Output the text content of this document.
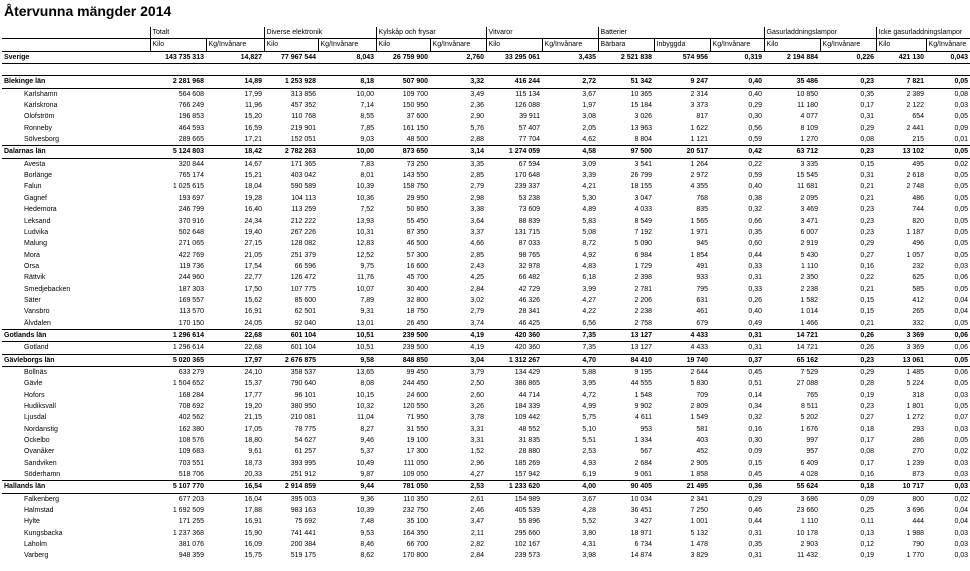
Återvunna mängder 2014
	Totalt		Diverse elektronik		Kylskåp och frysar		Vitvaror		Batterier			Gasurladdningslampor		Icke gasurladdningslampor	
	Kilo	Kg/Invånare	Kilo	Kg/Invånare	Kilo	Kg/Invånare	Kilo	Kg/Invånare	Bärbara	Inbyggda	Kg/Invånare	Kilo	Kg/Invånare	Kilo	Kg/Invånare
Sverige	143 735 313	14,827	77 967 544	8,043	26 759 900	2,760	33 295 061	3,435	2 521 838	574 956	0,319	2 194 884	0,226	421 130	0,043

Blekinge län	2 281 968	14,89	1 253 928	8,18	507 900	3,32	416 244	2,72	51 342	9 247	0,40	35 486	0,23	7 821	0,05
Karlshamn	564 608	17,99	313 856	10,00	109 700	3,49	115 134	3,67	10 365	2 314	0,40	10 850	0,35	2 389	0,08
Karlskrona	766 249	11,96	457 352	7,14	150 950	2,36	126 088	1,97	15 184	3 373	0,29	11 180	0,17	2 122	0,03
Olofström	196 853	15,20	110 768	8,55	37 600	2,90	39 911	3,08	3 026	817	0,30	4 077	0,31	654	0,05
Ronneby	464 593	16,59	219 901	7,85	161 150	5,76	57 407	2,05	13 963	1 622	0,56	8 109	0,29	2 441	0,09
Sölvesborg	289 665	17,21	152 051	9,03	48 500	2,88	77 704	4,62	8 804	1 121	0,59	1 270	0,08	215	0,01
Dalarnas län	5 124 803	18,42	2 782 263	10,00	873 650	3,14	1 274 059	4,58	97 500	20 517	0,42	63 712	0,23	13 102	0,05
Avesta	320 844	14,67	171 365	7,83	73 250	3,35	67 594	3,09	3 541	1 264	0,22	3 335	0,15	495	0,02
Borlänge	765 174	15,21	403 042	8,01	143 550	2,85	170 648	3,39	26 799	2 972	0,59	15 545	0,31	2 618	0,05
Falun	1 025 615	18,04	590 589	10,39	158 750	2,79	239 337	4,21	18 155	4 355	0,40	11 681	0,21	2 748	0,05
Gagnef	193 697	19,28	104 113	10,36	29 950	2,98	53 238	5,30	3 047	768	0,38	2 095	0,21	486	0,05
Hedemora	246 799	16,40	113 259	7,52	50 850	3,38	73 609	4,89	4 033	835	0,32	3 469	0,23	744	0,05
Leksand	370 916	24,34	212 222	13,93	55 450	3,64	88 839	5,83	8 549	1 565	0,66	3 471	0,23	820	0,05
Ludvika	502 648	19,40	267 226	10,31	87 350	3,37	131 715	5,08	7 192	1 971	0,35	6 007	0,23	1 187	0,05
Malung	271 065	27,15	128 082	12,83	46 500	4,66	87 033	8,72	5 090	945	0,60	2 919	0,29	496	0,05
Mora	422 769	21,05	251 379	12,52	57 300	2,85	98 765	4,92	6 984	1 854	0,44	5 430	0,27	1 057	0,05
Orsa	119 736	17,54	66 596	9,75	16 600	2,43	32 978	4,83	1 729	491	0,33	1 110	0,16	232	0,03
Rättvik	244 960	22,77	126 472	11,76	45 700	4,25	66 482	6,18	2 398	933	0,31	2 350	0,22	625	0,06
Smedjebacken	187 303	17,50	107 775	10,07	30 400	2,84	42 729	3,99	2 781	795	0,33	2 238	0,21	585	0,05
Säter	169 557	15,62	85 600	7,89	32 800	3,02	46 326	4,27	2 206	631	0,26	1 582	0,15	412	0,04
Vansbro	113 570	16,91	62 501	9,31	18 750	2,79	28 341	4,22	2 238	461	0,40	1 014	0,15	265	0,04
Älvdalen	170 150	24,05	92 040	13,01	26 450	3,74	46 425	6,56	2 758	679	0,49	1 466	0,21	332	0,05
Gotlands län	1 296 614	22,68	601 104	10,51	239 500	4,19	420 360	7,35	13 127	4 433	0,31	14 721	0,26	3 369	0,06
Gotland	1 296 614	22,68	601 104	10,51	239 500	4,19	420 360	7,35	13 127	4 433	0,31	14 721	0,26	3 369	0,06
Gävleborgs län	5 020 365	17,97	2 676 875	9,58	848 850	3,04	1 312 267	4,70	84 410	19 740	0,37	65 162	0,23	13 061	0,05
Bollnäs	633 279	24,10	358 537	13,65	99 450	3,79	134 429	5,88	9 195	2 644	0,45	7 529	0,29	1 485	0,06
Gävle	1 504 652	15,37	790 640	8,08	244 450	2,50	386 865	3,95	44 555	5 830	0,51	27 088	0,28	5 224	0,05
Hofors	168 284	17,77	96 101	10,15	24 600	2,60	44 714	4,72	1 548	709	0,14	765	0,19	318	0,03
Hudiksvall	708 692	19,20	380 950	10,32	120 550	3,26	184 339	4,99	9 902	2 809	0,34	8 511	0,23	1 801	0,05
Ljusdal	402 562	21,15	210 081	11,04	71 950	3,78	109 442	5,75	4 611	1 549	0,32	5 202	0,27	1 272	0,07
Nordanstig	162 380	17,05	78 775	8,27	31 550	3,31	48 552	5,10	953	581	0,16	1 676	0,18	293	0,03
Ockelbo	108 576	18,80	54 627	9,46	19 100	3,31	31 835	5,51	1 334	403	0,30	997	0,17	286	0,05
Ovanåker	109 683	9,61	61 257	5,37	17 300	1,52	28 880	2,53	567	452	0,09	957	0,08	270	0,02
Sandviken	703 551	18,73	393 995	10,49	111 050	2,96	185 269	4,93	2 684	2 905	0,15	6 409	0,17	1 239	0,03
Söderhamn	518 706	20,33	251 912	9,87	109 050	4,27	157 942	6,19	9 061	1 858	0,45	4 028	0,16	873	0,03
Hallands län	5 107 770	16,54	2 914 859	9,44	781 050	2,53	1 233 620	4,00	90 405	21 495	0,36	55 624	0,18	10 717	0,03
Falkenberg	677 203	16,04	395 003	9,36	110 350	2,61	154 989	3,67	10 034	2 341	0,29	3 686	0,09	800	0,02
Halmstad	1 692 509	17,88	983 163	10,39	232 750	2,46	405 539	4,28	36 451	7 250	0,46	23 660	0,25	3 696	0,04
Hylte	171 255	16,91	75 692	7,48	35 100	3,47	55 896	5,52	3 427	1 001	0,44	1 110	0,11	444	0,04
Kungsbacka	1 237 368	15,90	741 441	9,53	164 350	2,11	295 660	3,80	18 971	5 132	0,31	10 178	0,13	1 988	0,03
Laholm	381 076	16,09	200 384	8,46	66 700	2,82	102 167	4,31	6 734	1 478	0,35	2 903	0,12	790	0,03
Varberg	948 359	15,75	519 175	8,62	170 800	2,84	239 573	3,98	14 874	3 829	0,31	11 432	0,19	1 770	0,03
